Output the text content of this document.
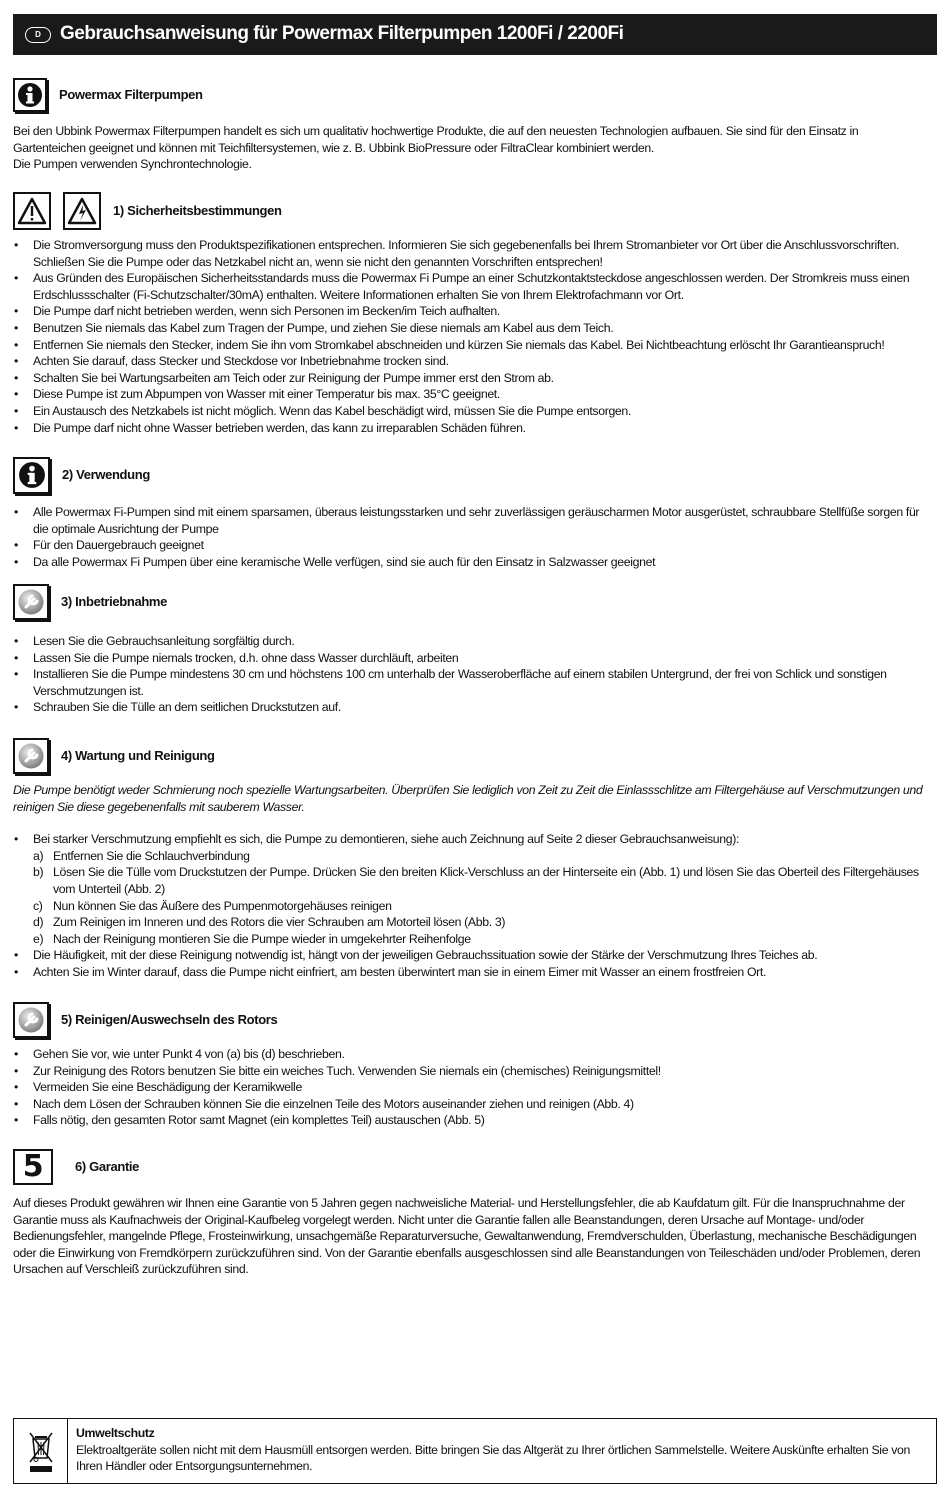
D	Gebrauchsanweisung für Powermax Filterpumpen 1200Fi / 2200Fi
Powermax Filterpumpen

Bei den Ubbink Powermax Filterpumpen handelt es sich um qualitativ hochwertige Produkte, die auf den neuesten Technologien aufbauen. Sie sind für den Einsatz in Gartenteichen geeignet und können mit Teichfiltersystemen, wie z. B. Ubbink BioPressure oder FiltraClear kombiniert werden.

Die Pumpen verwenden Synchrontechnologie.

1) Sicherheitsbestimmungen
• Die Stromversorgung muss den Produktspezifikationen entsprechen. Informieren Sie sich gegebenenfalls bei Ihrem Stromanbieter vor Ort über die Anschlussvorschriften. Schließen Sie die Pumpe oder das Netzkabel nicht an, wenn sie nicht den genannten Vorschriften entsprechen!
• Aus Gründen des Europäischen Sicherheitsstandards muss die Powermax Fi Pumpe an einer Schutzkontaktsteckdose angeschlossen werden. Der Stromkreis muss einen Erdschlussschalter (Fi-Schutzschalter/30mA) enthalten. Weitere Informationen erhalten Sie von Ihrem Elektrofachmann vor Ort.
• Die Pumpe darf nicht betrieben werden, wenn sich Personen im Becken/im Teich aufhalten.
• Benutzen Sie niemals das Kabel zum Tragen der Pumpe, und ziehen Sie diese niemals am Kabel aus dem Teich.
• Entfernen Sie niemals den Stecker, indem Sie ihn vom Stromkabel abschneiden und kürzen Sie niemals das Kabel. Bei Nichtbeachtung erlöscht Ihr Garantieanspruch!
• Achten Sie darauf, dass Stecker und Steckdose vor Inbetriebnahme trocken sind.
• Schalten Sie bei Wartungsarbeiten am Teich oder zur Reinigung der Pumpe immer erst den Strom ab.
• Diese Pumpe ist zum Abpumpen von Wasser mit einer Temperatur bis max. 35°C geeignet.
• Ein Austausch des Netzkabels ist nicht möglich. Wenn das Kabel beschädigt wird, müssen Sie die Pumpe entsorgen.
• Die Pumpe darf nicht ohne Wasser betrieben werden, das kann zu irreparablen Schäden führen.
2) Verwendung
• Alle Powermax Fi-Pumpen sind mit einem sparsamen, überaus leistungsstarken und sehr zuverlässigen geräuscharmen Motor ausgerüstet, schraubbare Stellfüße sorgen für die optimale Ausrichtung der Pumpe
• Für den Dauergebrauch geeignet
• Da alle Powermax Fi Pumpen über eine keramische Welle verfügen, sind sie auch für den Einsatz in Salzwasser geeignet
3) Inbetriebnahme
• Lesen Sie die Gebrauchsanleitung sorgfältig durch.
• Lassen Sie die Pumpe niemals trocken, d.h. ohne dass Wasser durchläuft, arbeiten
• Installieren Sie die Pumpe mindestens 30 cm und höchstens 100 cm unterhalb der Wasseroberfläche auf einem stabilen Untergrund, der frei von Schlick und sonstigen Verschmutzungen ist.
• Schrauben Sie die Tülle an dem seitlichen Druckstutzen auf.
4) Wartung und Reinigung

Die Pumpe benötigt weder Schmierung noch spezielle Wartungsarbeiten. Überprüfen Sie lediglich von Zeit zu Zeit die Einlassschlitze am Filtergehäuse auf Verschmutzungen und reinigen Sie diese gegebenenfalls mit sauberem Wasser.

• Bei starker Verschmutzung empfiehlt es sich, die Pumpe zu demontieren, siehe auch Zeichnung auf Seite 2 dieser Gebrauchsanweisung):
a) Entfernen Sie die Schlauchverbindung
b) Lösen Sie die Tülle vom Druckstutzen der Pumpe. Drücken Sie den breiten Klick-Verschluss an der Hinterseite ein (Abb. 1) und lösen Sie das Oberteil des Filtergehäuses vom Unterteil (Abb. 2)
c) Nun können Sie das Äußere des Pumpenmotorgehäuses reinigen
d) Zum Reinigen im Inneren und des Rotors die vier Schrauben am Motorteil lösen (Abb. 3)
e) Nach der Reinigung montieren Sie die Pumpe wieder in umgekehrter Reihenfolge
• Die Häufigkeit, mit der diese Reinigung notwendig ist, hängt von der jeweiligen Gebrauchssituation sowie der Stärke der Verschmutzung Ihres Teiches ab.
• Achten Sie im Winter darauf, dass die Pumpe nicht einfriert, am besten überwintert man sie in einem Eimer mit Wasser an einem frostfreien Ort.
5) Reinigen/Auswechseln des Rotors
• Gehen Sie vor, wie unter Punkt 4 von (a) bis (d) beschrieben.
• Zur Reinigung des Rotors benutzen Sie bitte ein weiches Tuch. Verwenden Sie niemals ein (chemisches) Reinigungsmittel!
• Vermeiden Sie eine Beschädigung der Keramikwelle
• Nach dem Lösen der Schrauben können Sie die einzelnen Teile des Motors auseinander ziehen und reinigen (Abb. 4)
• Falls nötig, den gesamten Rotor samt Magnet (ein komplettes Teil) austauschen (Abb. 5)
5 6) Garantie

Auf dieses Produkt gewähren wir Ihnen eine Garantie von 5 Jahren gegen nachweisliche Material- und Herstellungsfehler, die ab Kaufdatum gilt. Für die Inanspruchnahme der Garantie muss als Kaufnachweis der Original-Kaufbeleg vorgelegt werden. Nicht unter die Garantie fallen alle Beanstandungen, deren Ursache auf Montage- und/oder Bedienungsfehler, mangelnde Pflege, Frosteinwirkung, unsachgemäße Reparaturversuche, Gewaltanwendung, Fremdverschulden, Überlastung, mechanische Beschädigungen oder die Einwirkung von Fremdkörpern zurückzuführen sind. Von der Garantie ebenfalls ausgeschlossen sind alle Beanstandungen von Teileschäden und/oder Problemen, deren Ursachen auf Verschleiß zurückzuführen sind.

Umweltschutz
Elektroaltgeräte sollen nicht mit dem Hausmüll entsorgen werden. Bitte bringen Sie das Altgerät zu Ihrer örtlichen Sammelstelle. Weitere Auskünfte erhalten Sie von Ihren Händler oder Entsorgungsunternehmen.
